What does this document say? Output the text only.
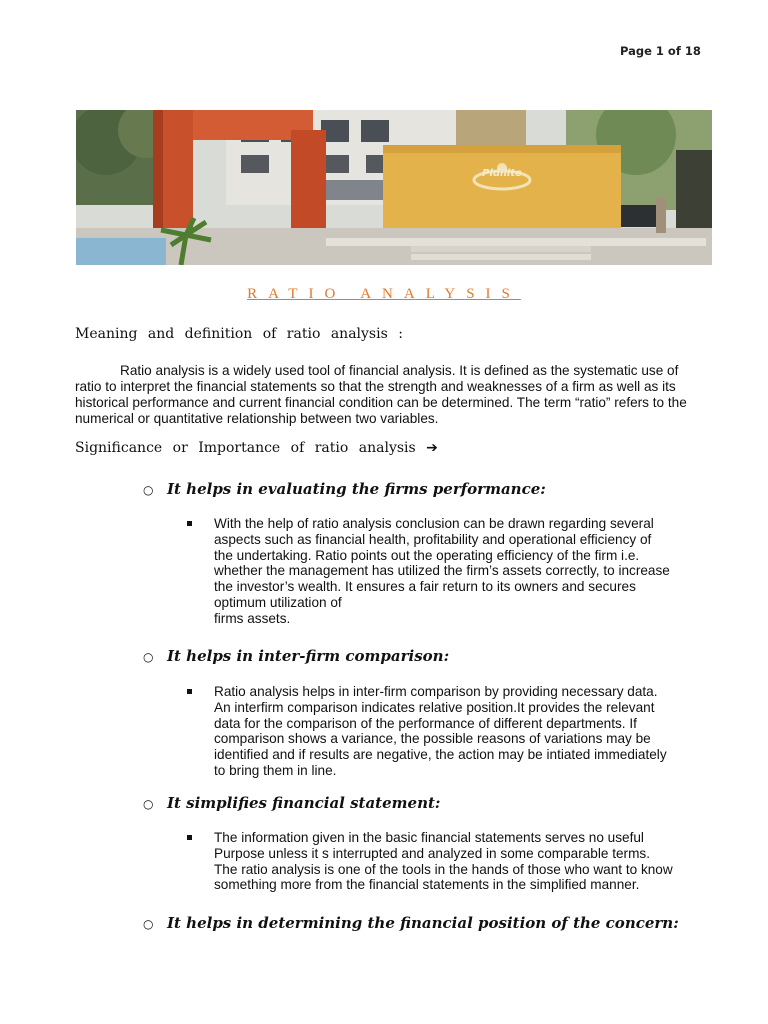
Page 1 of 18
Pidilite
RATIO ANALYSIS
Meaning and definition of ratio analysis :
Ratio analysis is a widely used tool of financial analysis. It is defined as the systematic use of ratio to interpret the financial statements so that the strength and weaknesses of a firm as well as its historical performance and current financial condition can be determined. The term “ratio” refers to the numerical or quantitative relationship between two variables.
Significance or Importance of ratio analysis ➔
○ It helps in evaluating the firms performance:
With the help of ratio analysis conclusion can be drawn regarding several
aspects such as financial health, profitability and operational efficiency of
the undertaking. Ratio points out the operating efficiency of the firm i.e.
whether the management has utilized the firm’s assets correctly, to increase
the investor’s wealth. It ensures a fair return to its owners and secures
optimum utilization of
firms assets.
○ It helps in inter-firm comparison:
Ratio analysis helps in inter-firm comparison by providing necessary data.
An interfirm comparison indicates relative position.It provides the relevant
data for the comparison of the performance of different departments. If
comparison shows a variance, the possible reasons of variations may be
identified and if results are negative, the action may be intiated immediately
to bring them in line.
○ It simplifies financial statement:
The information given in the basic financial statements serves no useful
Purpose unless it s interrupted and analyzed in some comparable terms.
The ratio analysis is one of the tools in the hands of those who want to know
something more from the financial statements in the simplified manner.
○ It helps in determining the financial position of the concern:
